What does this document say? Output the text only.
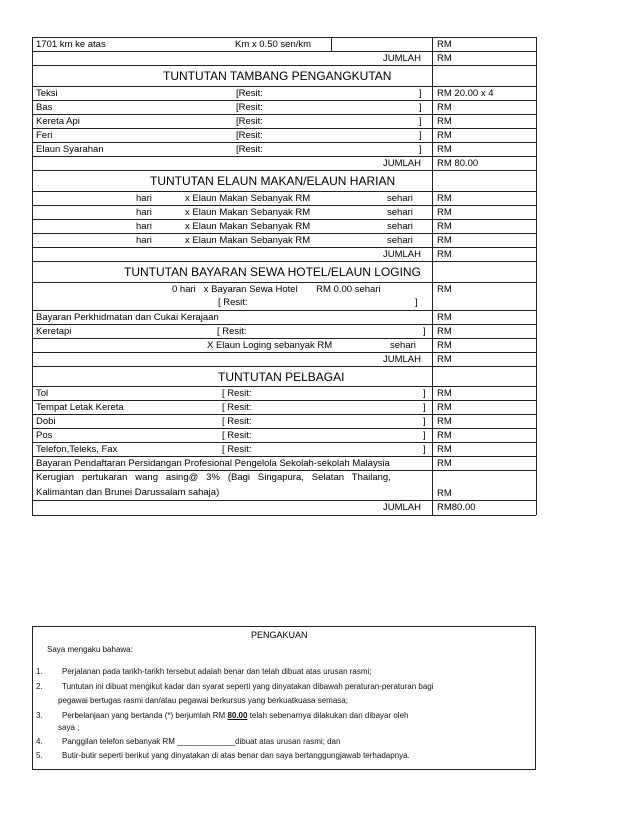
1701 km ke atas	Km x 0.50 sen/km	RM
JUMLAH RM
TUNTUTAN TAMBANG PENGANGKUTAN
Teksi	[Resit:	] RM 20.00 x 4
Bas	[Resit:	] RM
Kereta Api	[Resit:	] RM
Feri	[Resit:	] RM
Elaun Syarahan	[Resit:	] RM
JUMLAH RM 80.00
TUNTUTAN ELAUN MAKAN/ELAUN HARIAN
hari	x Elaun Makan Sebanyak RM	sehari	RM
hari	x Elaun Makan Sebanyak RM	sehari	RM
hari	x Elaun Makan Sebanyak RM	sehari	RM
hari	x Elaun Makan Sebanyak RM	sehari	RM
JUMLAH RM
TUNTUTAN BAYARAN SEWA HOTEL/ELAUN LOGING
0 hari   x Bayaran Sewa Hotel       RM 0.00 sehari
[ Resit:	]
RM
Bayaran Perkhidmatan dan Cukai Kerajaan	RM
Keretapi	[ Resit:	] RM
X Elaun Loging sebanyak RM	sehari RM
JUMLAH RM
TUNTUTAN PELBAGAI
Tol	[ Resit:	] RM
Tempat Letak Kereta	[ Resit:	] RM
Dobi	[ Resit:	] RM
Pos	[ Resit:	] RM
Telefon,Teleks, Fax	[ Resit:	] RM
Bayaran Pendaftaran Persidangan Profesional Pengelola Sekolah-sekolah Malaysia	RM
Kerugian   pertukaran   wang   asing@   3%   (Bagi   Singapura,   Selatan   Thailang,
Kalimantan dan Brunei Darussalam sahaja)	RM
JUMLAH RM80.00
PENGAKUAN
Saya mengaku bahawa:
1. Perjalanan pada tarikh-tarikh tersebut adalah benar dan telah dibuat atas urusan rasmi;
2. Tuntutan ini dibuat mengikut kadar dan syarat seperti yang dinyatakan dibawah peraturan-peraturan bagi
pegawai bertugas rasmi dan/atau pegawai berkursus yang berkuatkuasa semasa;
3. Perbelanjaan yang bertanda (*) berjumlah RM 80.00 telah sebenarnya dilakukan dan dibayar oleh
saya ;
4. Panggilan telefon sebanyak RM _____________dibuat atas urusan rasmi; dan
5. Butir-butir seperti berikut yang dinyatakan di atas benar dan saya bertanggungjawab terhadapnya.
